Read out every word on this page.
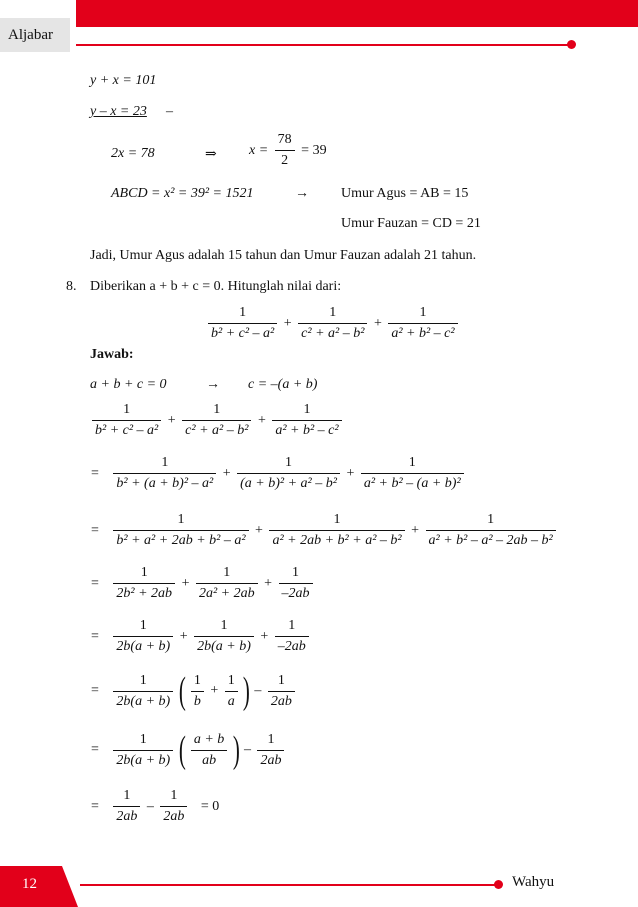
Aljabar
y + x = 101
y – x = 23 –
2x = 78	⇒ $x = \frac{78}{2} = 39$
ABCD = x² = 39² = 1521	→ Umur Agus = AB = 15
Umur Fauzan = CD = 21
Jadi, Umur Agus adalah 15 tahun dan Umur Fauzan adalah 21 tahun.
8. Diberikan a + b + c = 0. Hitunglah nilai dari:
$\frac{1}{\text{b² + c² – a²}} + \frac{1}{\text{c² + a² – b²}} + \frac{1}{\text{a² + b² – c²}}$
Jawab:
a + b + c = 0	→ c = –(a + b)
$\frac{1}{\text{b² + c² – a²}} + \frac{1}{\text{c² + a² – b²}} + \frac{1}{\text{a² + b² – c²}}$
= $\frac{1}{\text{b² + (a + b)² – a²}} + \frac{1}{\text{(a + b)² + a² – b²}} + \frac{1}{\text{a² + b² – (a + b)²}}$
= $\frac{1}{\text{b² + a² + 2ab + b² – a²}} + \frac{1}{\text{a² + 2ab + b² + a² – b²}} + \frac{1}{\text{a² + b² – a² – 2ab – b²}}$
= $\frac{1}{\text{2b² + 2ab}} + \frac{1}{\text{2a² + 2ab}} + \frac{1}{-2ab}$
= $\frac{1}{2b(a + b)} + \frac{1}{2b(a + b)} + \frac{1}{-2ab}$
= $\frac{1}{2b(a + b)}$ ( $\frac{1}{b} + \frac{1}{a}$ ) – $\frac{1}{2ab}$
= $\frac{1}{2b(a + b)}$ ( $\frac{a + b}{ab}$ ) – $\frac{1}{2ab}$
= $\frac{1}{2ab} - \frac{1}{2ab} = 0$
12	Wahyu
